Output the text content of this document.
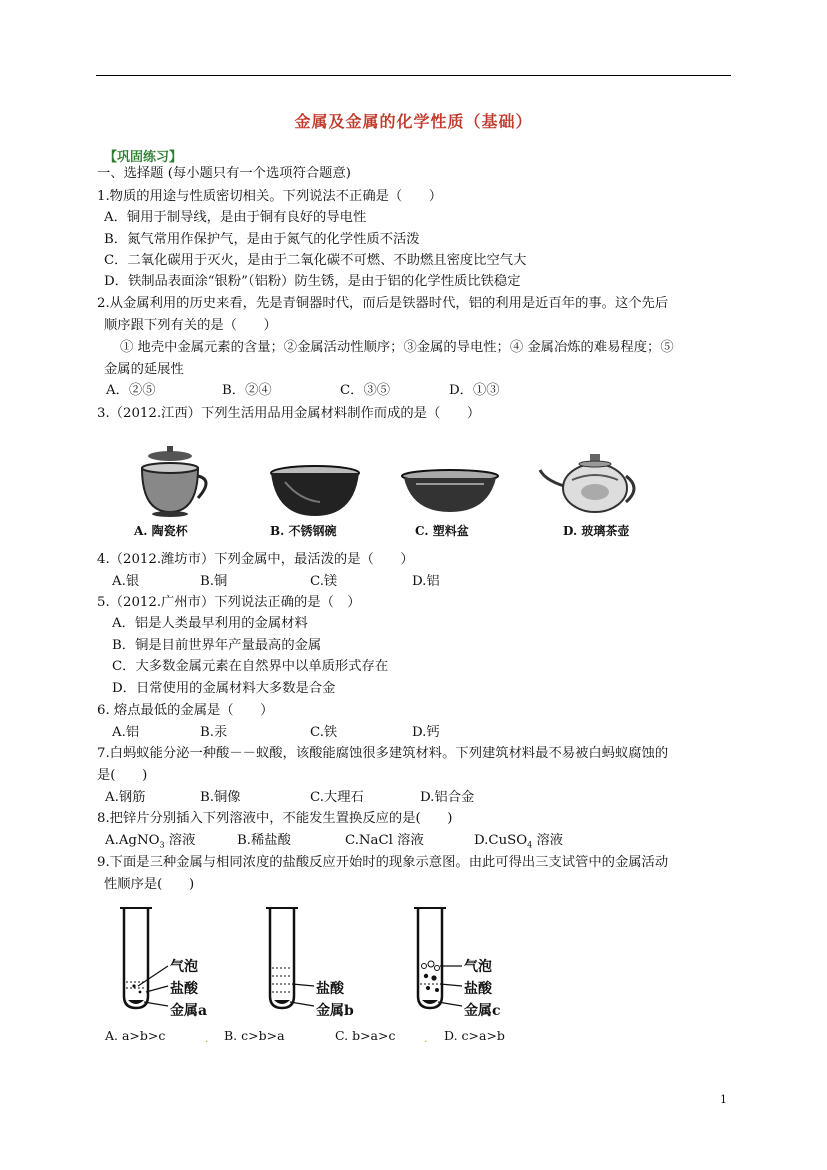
金属及金属的化学性质（基础）
【巩固练习】
一、选择题 (每小题只有一个选项符合题意)
1.物质的用途与性质密切相关。下列说法不正确是（　　）
A．铜用于制导线，是由于铜有良好的导电性
B．氮气常用作保护气，是由于氮气的化学性质不活泼
C．二氧化碳用于灭火，是由于二氧化碳不可燃、不助燃且密度比空气大
D．铁制品表面涂“银粉”（铝粉）防生锈，是由于铝的化学性质比铁稳定
2.从金属利用的历史来看，先是青铜器时代，而后是铁器时代，铝的利用是近百年的事。这个先后
顺序跟下列有关的是（　　）
① 地壳中金属元素的含量；②金属活动性顺序；③金属的导电性；④ 金属冶炼的难易程度；⑤
金属的延展性
A．②⑤	B．②④	C．③⑤	D．①③
3.（2012.江西）下列生活用品用金属材料制作而成的是（　　）
A. 陶瓷杯	B. 不锈钢碗	C. 塑料盆	D. 玻璃茶壶
4.（2012.潍坊市）下列金属中，最活泼的是（　　）
A.银	B.铜	C.镁	D.铝
5.（2012.广州市）下列说法正确的是（　）
A．铝是人类最早利用的金属材料
B．铜是目前世界年产量最高的金属
C．大多数金属元素在自然界中以单质形式存在
D．日常使用的金属材料大多数是合金
6. 熔点最低的金属是（　　）
A.铝	B.汞	C.铁	D.钙
7.白蚂蚁能分泌一种酸－－蚁酸，该酸能腐蚀很多建筑材料。下列建筑材料最不易被白蚂蚁腐蚀的
是(　　)
A.钢筋	B.铜像	C.大理石	D.铝合金
8.把锌片分别插入下列溶液中，不能发生置换反应的是(　　)
A.AgNO$_3$ 溶液	B.稀盐酸	C.NaCl 溶液	D.CuSO$_4$ 溶液
9.下面是三种金属与相同浓度的盐酸反应开始时的现象示意图。由此可得出三支试管中的金属活动
性顺序是(　　)
气泡
盐酸
金属a
盐酸
金属b
气泡
盐酸
金属c
A. a>b>c	. B. c>b>a	C. b>a>c	. D. c>a>b
1
